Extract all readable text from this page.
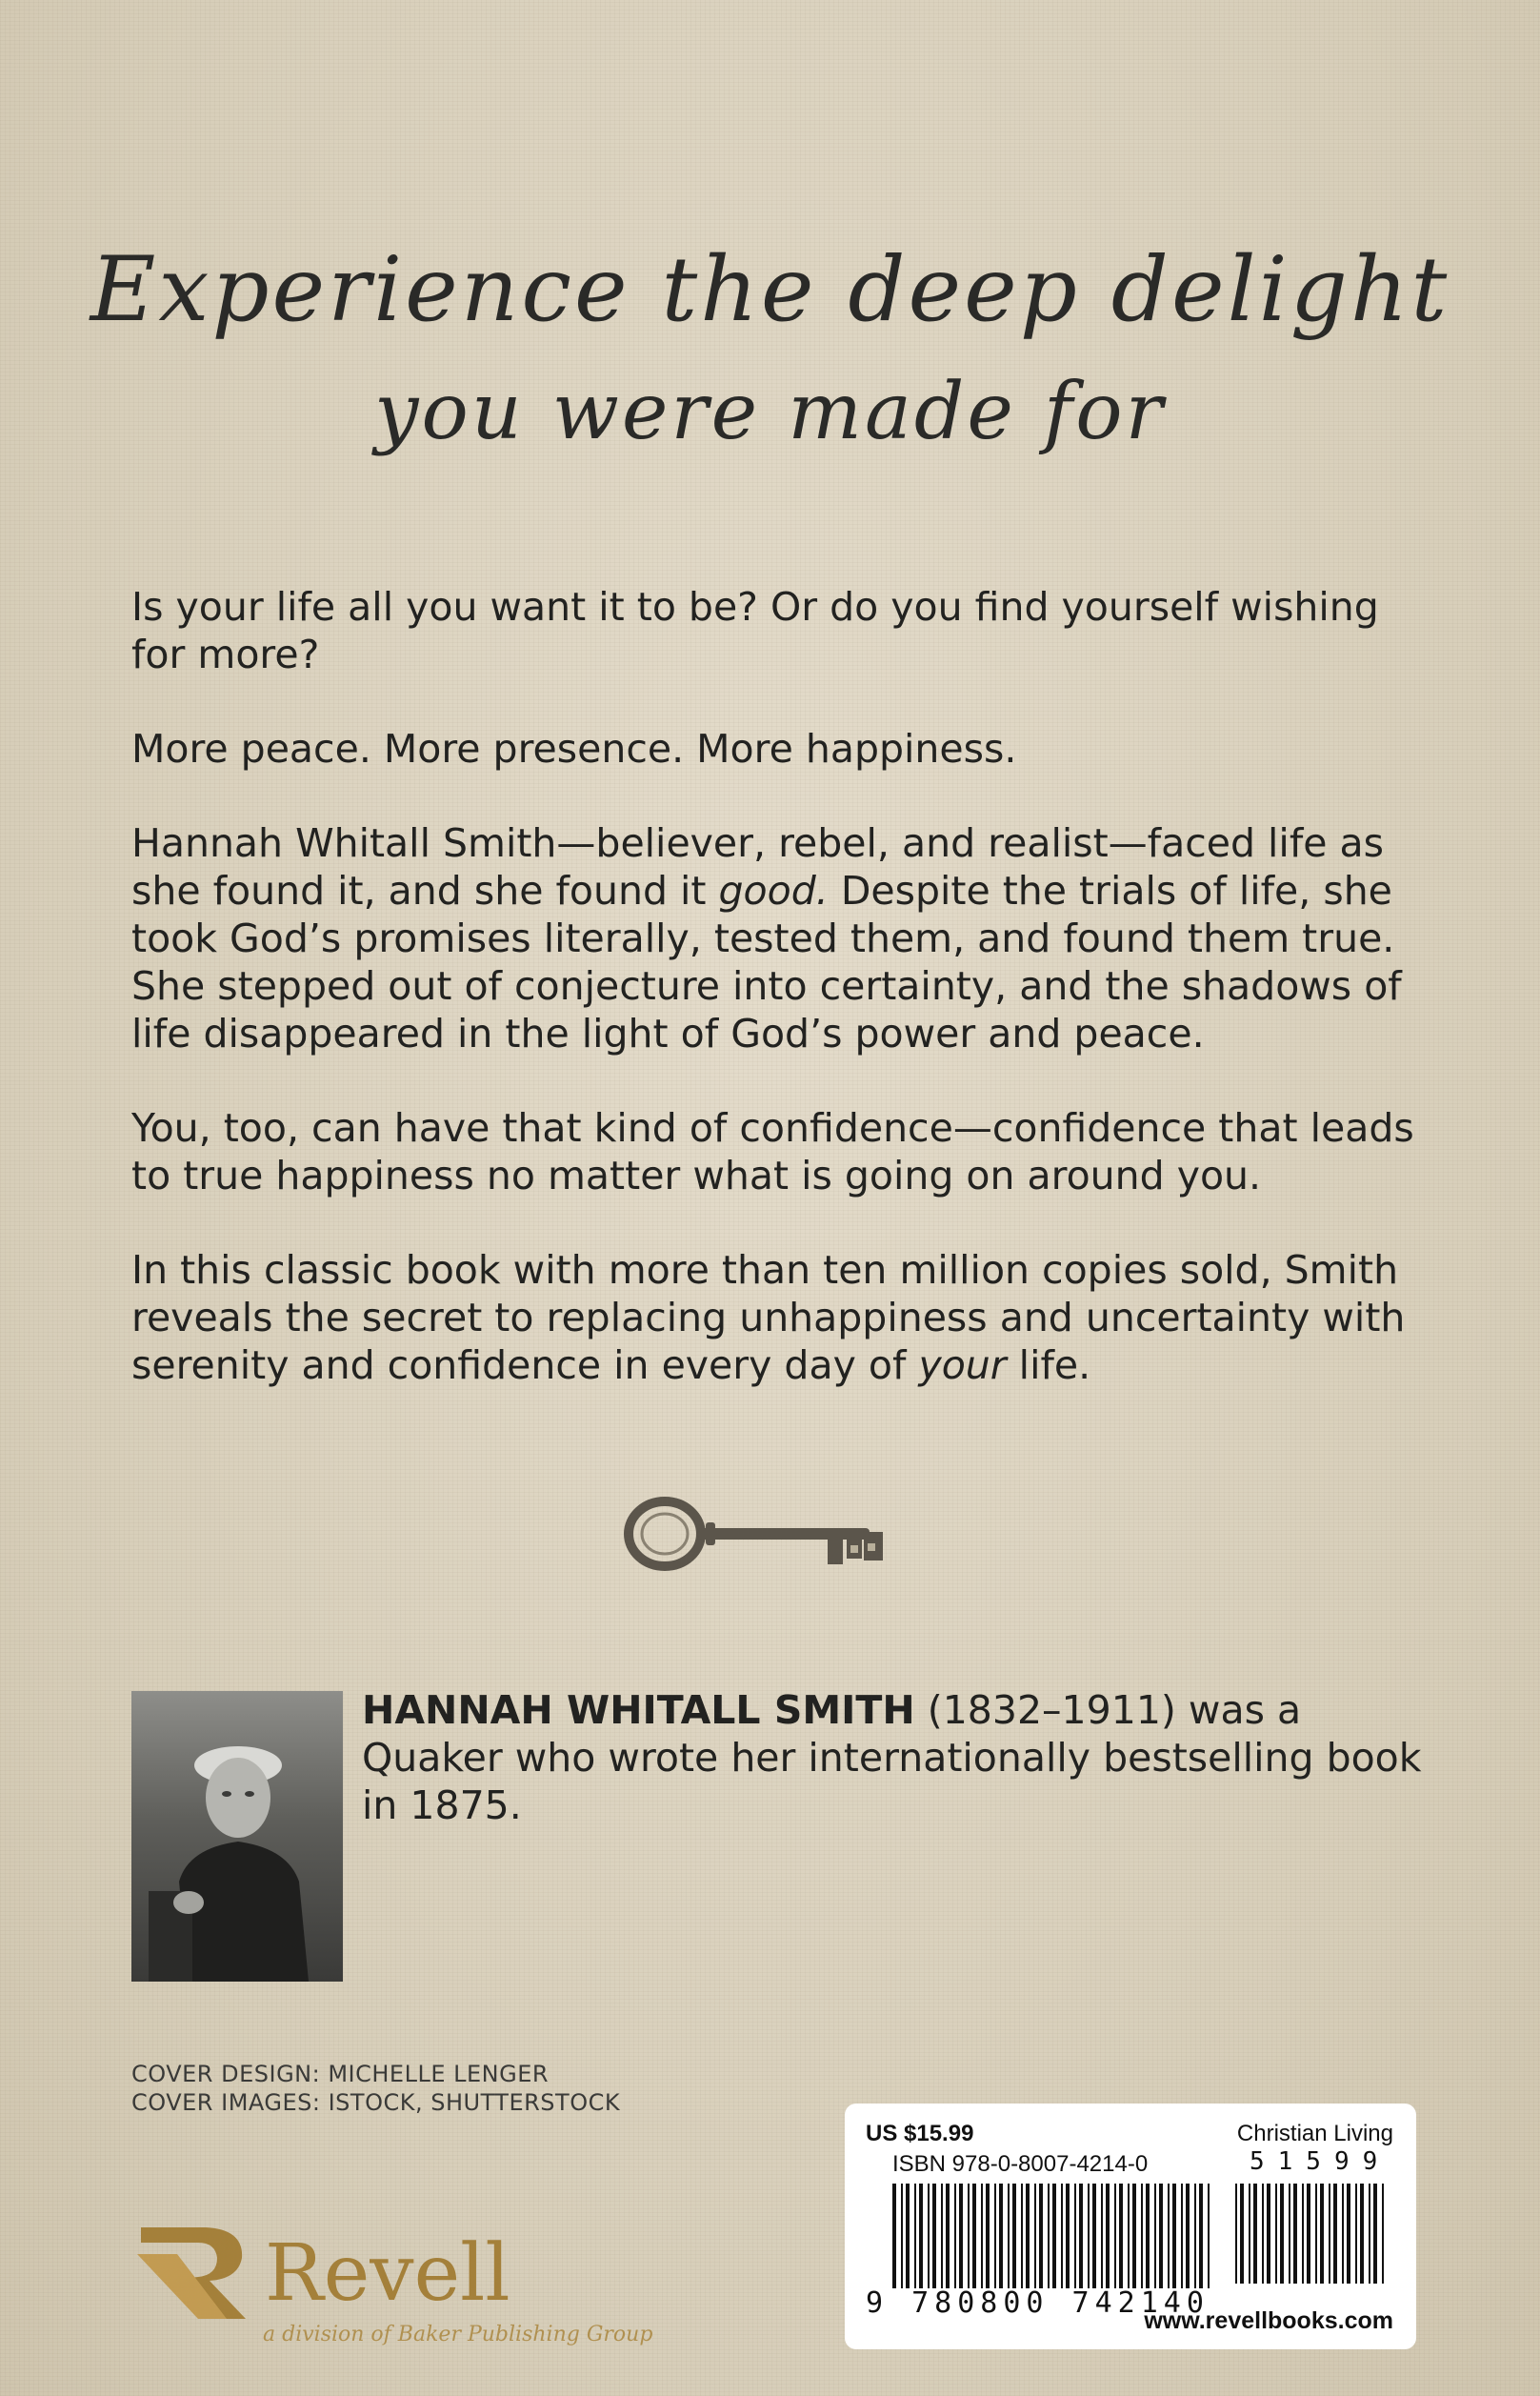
Experience the deep delight
you were made for

Is your life all you want it to be? Or do you find yourself wishing for more?

More peace. More presence. More happiness.

Hannah Whitall Smith—believer, rebel, and realist—faced life as she found it, and she found it good. Despite the trials of life, she took God’s promises literally, tested them, and found them true. She stepped out of conjecture into certainty, and the shadows of life disappeared in the light of God’s power and peace.

You, too, can have that kind of confidence—confidence that leads to true happiness no matter what is going on around you.

In this classic book with more than ten million copies sold, Smith reveals the secret to replacing unhappiness and uncertainty with serenity and confidence in every day of your life.

HANNAH WHITALL SMITH (1832–1911) was a Quaker who wrote her internationally bestselling book in 1875.
COVER DESIGN: MICHELLE LENGER
COVER IMAGES: ISTOCK, SHUTTERSTOCK
Revell
a division of Baker Publishing Group
US $15.99	Christian Living
ISBN 978-0-8007-4214-0
9 780800 742140
51599
www.revellbooks.com
